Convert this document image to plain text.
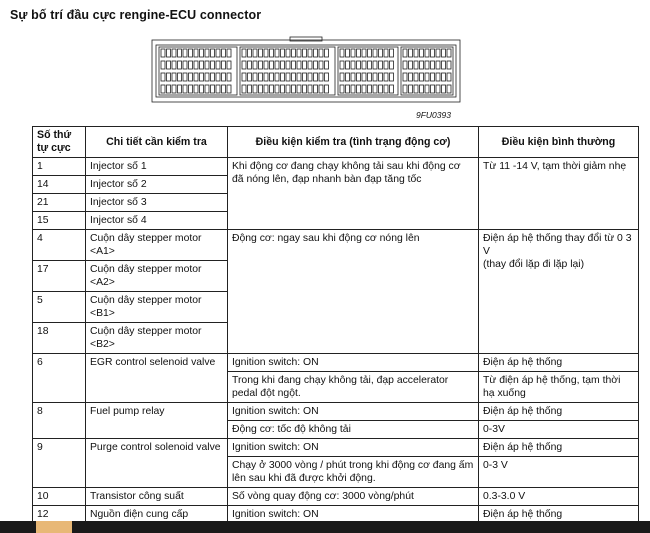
Sự bố trí đầu cực rengine-ECU connector
9FU0393
Số thứ tự cực	Chi tiết cần kiểm tra	Điều kiện kiểm tra (tình trạng động cơ)	Điều kiện bình thường
1	Injector số 1	Khi động cơ đang chạy không tải sau khi động cơ đã nóng lên, đạp nhanh bàn đạp tăng tốc	Từ 11 -14 V, tạm thời giảm nhẹ
14	Injector số 2		
21	Injector số 3		
15	Injector số 4		
4	Cuộn dây stepper motor <A1>	Động cơ: ngay sau khi động cơ nóng lên	Điện áp hệ thống thay đổi từ 0 3 V
(thay đổi lặp đi lặp lại)

17	Cuộn dây stepper motor <A2>		
5	Cuộn dây stepper motor <B1>		
18	Cuộn dây stepper motor <B2>		
6	EGR control selenoid valve	Ignition switch: ON	Điện áp hệ thống
		Trong khi đang chạy không tải, đạp accelerator pedal đột ngột.	Từ điện áp hệ thống, tạm thời hạ xuống
8	Fuel pump relay	Ignition switch: ON	Điện áp hệ thống
		Động cơ: tốc độ không tải	0-3V
9	Purge control solenoid valve	Ignition switch: ON	Điện áp hệ thống
		Chạy ở 3000 vòng / phút trong khi động cơ đang ấm lên sau khi đã được khởi động.	0-3 V
10	Transistor công suất	Số vòng quay động cơ: 3000 vòng/phút	0.3-3.0 V
12	Nguồn điện cung cấp	Ignition switch: ON	Điện áp hệ thống
